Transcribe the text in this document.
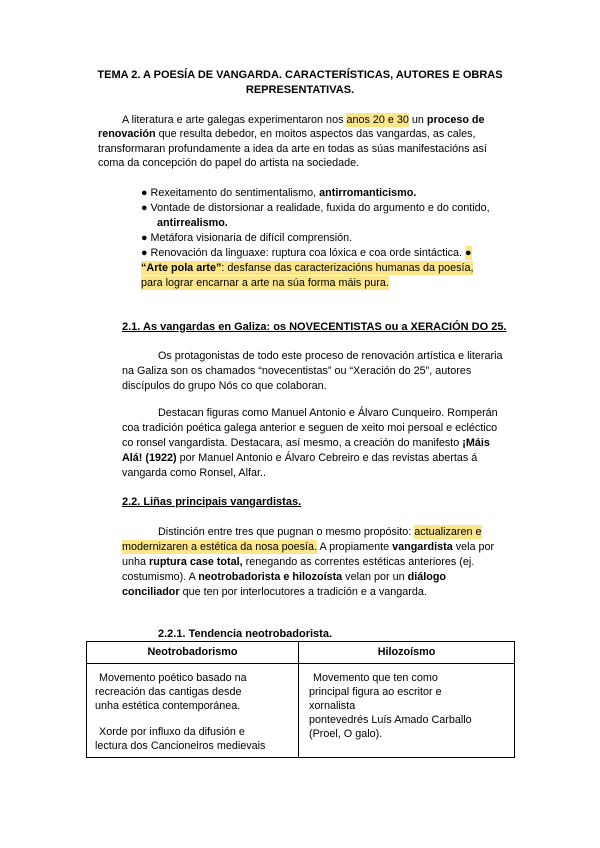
TEMA 2. A POESÍA DE VANGARDA. CARACTERÍSTICAS, AUTORES E OBRAS
REPRESENTATIVAS.
A literatura e arte galegas experimentaron nos anos 20 e 30 un proceso de
renovación que resulta debedor, en moitos aspectos das vangardas, as cales,
transformaran profundamente a idea da arte en todas as súas manifestacións así
coma da concepción do papel do artista na sociedade.
● Rexeitamento do sentimentalismo, antirromanticismo.
● Vontade de distorsionar a realidade, fuxida do argumento e do contido,
antirrealismo.
● Metáfora visionaria de difícil comprensión.
● Renovación da linguaxe: ruptura coa lóxica e coa orde sintáctica. ●
“Arte pola arte”: desfanse das caracterizacións humanas da poesía,
para lograr encarnar a arte na súa forma máis pura.
2.1. As vangardas en Galiza: os NOVECENTISTAS ou a XERACIÓN DO 25.
Os protagonistas de todo este proceso de renovación artística e literaria
na Galiza son os chamados “novecentistas” ou “Xeración do 25”, autores
discípulos do grupo Nós co que colaboran.
Destacan figuras como Manuel Antonio e Álvaro Cunqueiro. Romperán
coa tradición poética galega anterior e seguen de xeito moi persoal e ecléctico
co ronsel vangardista. Destacara, así mesmo, a creación do manifesto ¡Máis
Alá! (1922) por Manuel Antonio e Álvaro Cebreiro e das revistas abertas á
vangarda como Ronsel, Alfar..
2.2. Liñas principais vangardistas.
Distinción entre tres que pugnan o mesmo propósito: actualizaren e
modernizaren a estética da nosa poesía. A propiamente vangardista vela por
unha ruptura case total, renegando as correntes estéticas anteriores (ej.
costumismo). A neotrobadorista e hilozoísta velan por un diálogo
conciliador que ten por interlocutores a tradición e a vangarda.
2.2.1. Tendencia neotrobadorista.
Neotrobadorismo	Hilozoísmo
Movemento poético basado na
recreación das cantigas desde
unha estética contemporánea.
Xorde por influxo da difusión e
lectura dos Cancioneiros medievais
Movemento que ten como
principal figura ao escritor e
xornalista
pontevedrés Luís Amado Carballo
(Proel, O galo).
